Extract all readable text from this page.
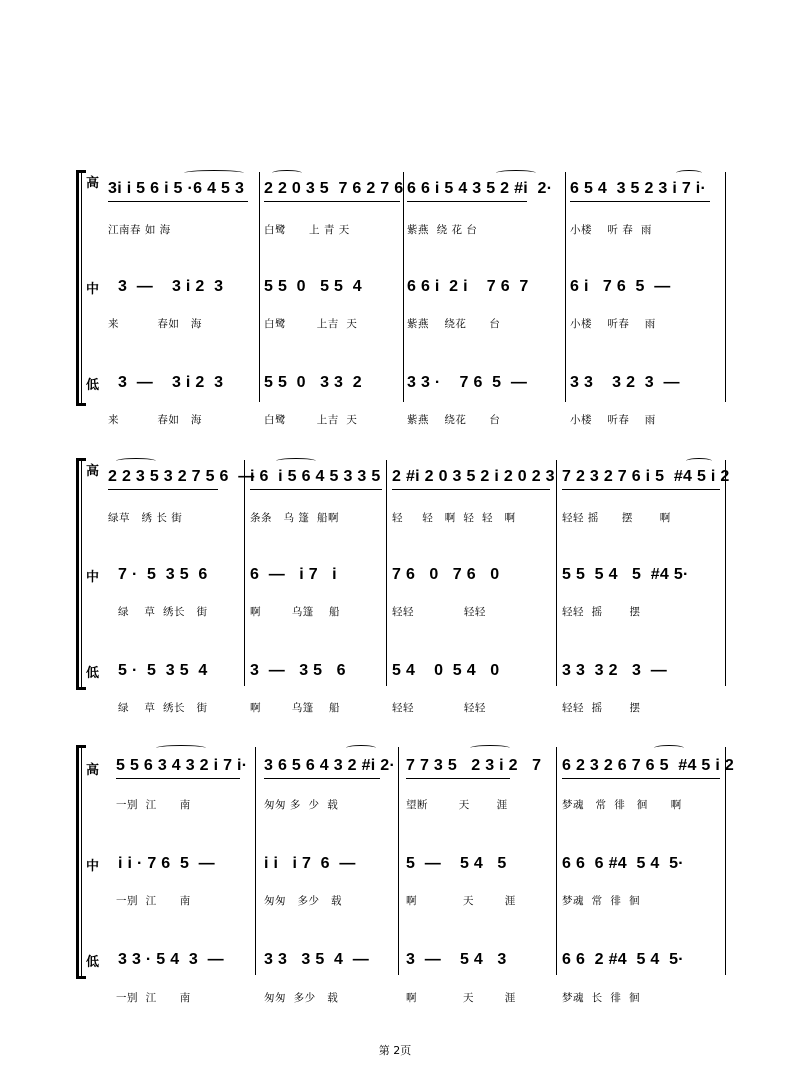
高
中
低
3i i 5 6 i 5 ·6 4 5 3 2 2 0 3 5  7 6 2 7 6 6 6 i 5 4 3 5 2 #i  2· 6 5 4  3 5 2 3 i 7 i·
江南春 如 海	白鹭      上 青 天	紫燕  绕 花 台	小楼    听 春  雨
3  —    3 i 2  3	5 5  0   5 5  4	6 6 i  2 i    7 6  7	6 i   7 6  5  —
来          春如   海	白鹭        上吉  天	紫燕    绕花      台	小楼    听春    雨
3  —    3 i 2  3	5 5  0   3 3  2	3 3 ·    7 6  5  —	3 3    3 2  3  —
来          春如   海	白鹭        上吉  天	紫燕    绕花      台	小楼    听春    雨
高
中
低
2 2 3 5 3 2 7 5 6  —
i 6  i 5 6 4 5 3 3 5 2 #i 2 0 3 5 2 i 2 0 2 3 7 2 3 2 7 6 i 5  #4 5 i 2
绿草   绣 长 街	条条   乌 篷  船啊	轻     轻   啊  轻  轻   啊	轻轻 摇      摆       啊
7 ·  5  3 5  6	6  —   i 7   i	7 6   0   7 6   0	5 5  5 4   5  #4 5·
绿    草  绣长   街	啊        乌篷    船	轻轻             轻轻	轻轻  摇       摆
5 ·  5  3 5  4	3  —   3 5   6	5 4    0  5 4   0	3 3  3 2   3  —
绿    草  绣长   街	啊        乌篷    船	轻轻             轻轻	轻轻  摇       摆
高
中
低
5 5 6 3 4 3 2 i 7 i· 3 6 5 6 4 3 2 #i 2· 7 7 3 5   2 3 i 2   7 6 2 3 2 6 7 6 5  #4 5 i 2
一别  江      南	匆匆 多  少  载	望断        天       涯	梦魂   常  徘   徊      啊
i i · 7 6  5  —	i i   i 7  6  —	5  —    5 4   5	6 6  6 #4  5 4  5·
一别  江      南	匆匆   多少   载	啊            天        涯	梦魂  常  徘  徊
3 3 · 5 4  3  —	3 3   3 5  4  — 3  —    5 4   3	6 6  2 #4  5 4  5·
一别  江      南	匆匆  多少   载	啊            天        涯	梦魂  长  徘  徊
第 2页
